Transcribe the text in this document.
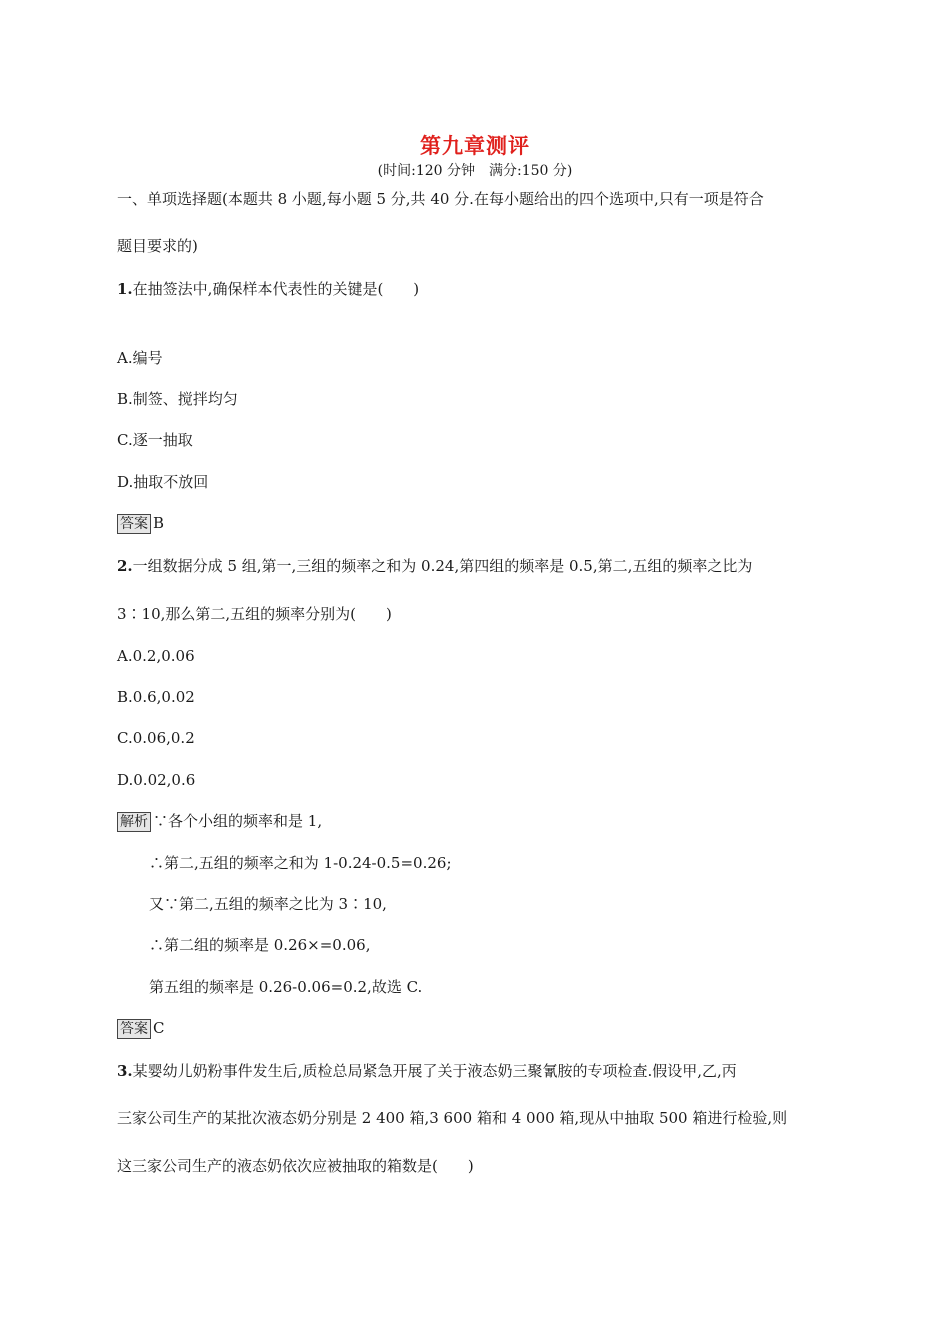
第九章测评
(时间:120 分钟　满分:150 分)
一、单项选择题(本题共 8 小题,每小题 5 分,共 40 分.在每小题给出的四个选项中,只有一项是符合
题目要求的)
1.在抽签法中,确保样本代表性的关键是(　　)
A.编号
B.制签、搅拌均匀
C.逐一抽取
D.抽取不放回
答案 B
2.一组数据分成 5 组,第一,三组的频率之和为 0.24,第四组的频率是 0.5,第二,五组的频率之比为
3∶10,那么第二,五组的频率分别为(　　)
A.0.2,0.06
B.0.6,0.02
C.0.06,0.2
D.0.02,0.6
解析 ∵各个小组的频率和是 1,
∴第二,五组的频率之和为 1-0.24-0.5=0.26;
又∵第二,五组的频率之比为 3∶10,
∴第二组的频率是 0.26×=0.06,
第五组的频率是 0.26-0.06=0.2,故选 C.
答案 C
3.某婴幼儿奶粉事件发生后,质检总局紧急开展了关于液态奶三聚氰胺的专项检查.假设甲,乙,丙
三家公司生产的某批次液态奶分别是 2 400 箱,3 600 箱和 4 000 箱,现从中抽取 500 箱进行检验,则
这三家公司生产的液态奶依次应被抽取的箱数是(　　)
